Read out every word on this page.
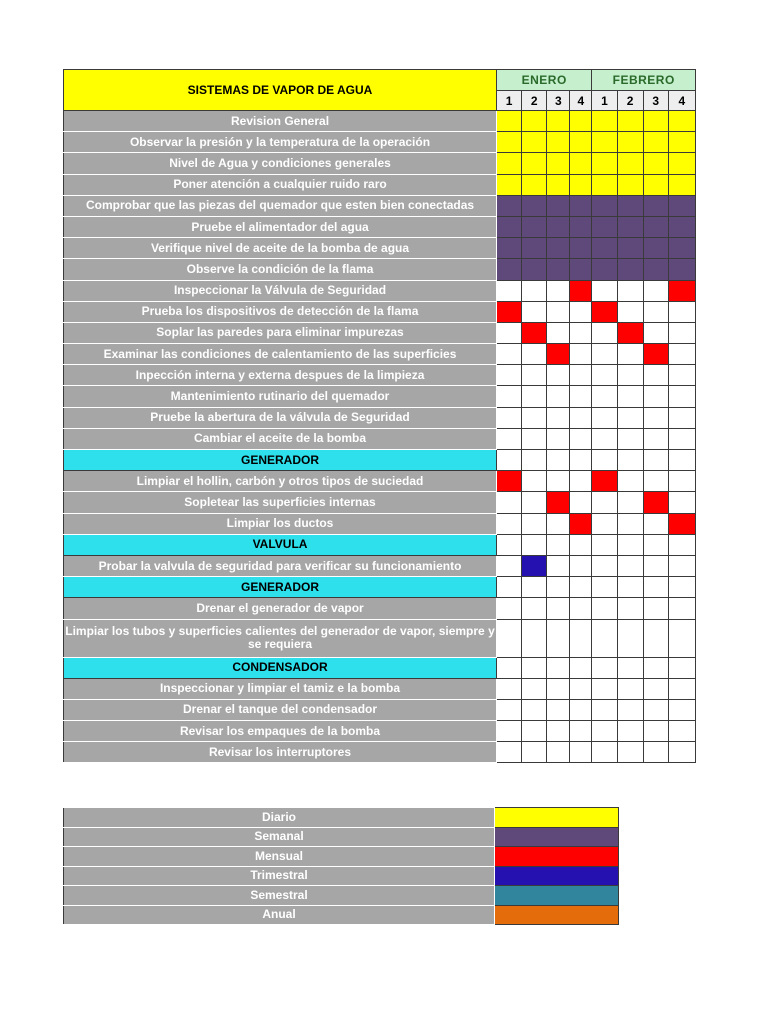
SISTEMAS DE VAPOR DE AGUA	ENERO				FEBRERO			
	1	2	3	4	1	2	3	4
Revision General								
Observar la presión y la temperatura de la operación								
Nivel de Agua y condiciones generales								
Poner atención a cualquier ruido raro								
Comprobar que las piezas del quemador que esten bien conectadas								
Pruebe el alimentador del agua								
Verifique nivel de aceite de la bomba de agua								
Observe la condición de la flama								
Inspeccionar la Válvula de Seguridad								
Prueba los dispositivos de detección de la flama								
Soplar las paredes para eliminar impurezas								
Examinar las condiciones de calentamiento de las superficies								
Inpección interna y externa despues de la limpieza								
Mantenimiento rutinario del quemador								
Pruebe la abertura de la válvula de Seguridad								
Cambiar el aceite de la bomba								
GENERADOR								
Limpiar el hollin, carbón y otros tipos de suciedad								
Sopletear las superficies internas								
Limpiar los ductos								
VALVULA								
Probar la valvula de seguridad para verificar su funcionamiento								
GENERADOR								
Drenar el generador de vapor								
Limpiar los tubos y superficies calientes del generador de vapor, siempre y se requiera								
CONDENSADOR								
Inspeccionar y limpiar el tamiz e la bomba								
Drenar el tanque del condensador								
Revisar los empaques de la bomba								
Revisar los interruptores								
Diario	
Semanal	
Mensual	
Trimestral	
Semestral	
Anual	
